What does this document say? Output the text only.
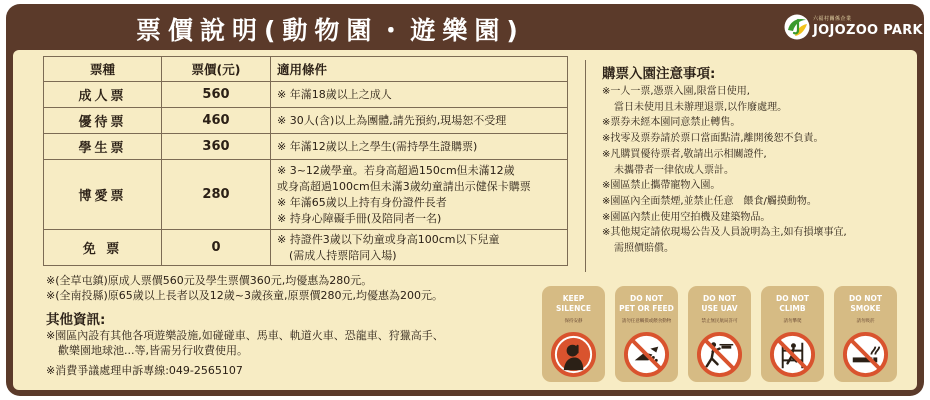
票價說明(動物園・遊樂園)	六福村關係企業
JOJOZOO PARK
票種	票價(元)	適用條件
成人票	560	※ 年滿18歲以上之成人

優待票	460	※ 30人(含)以上為團體,請先預約,現場恕不受理

學生票	360	※ 年滿12歲以上之學生(需持學生證購票)

博愛票	280	※ 3~12歲學童。若身高超過150cm但未滿12歲
或身高超過100cm但未滿3歲幼童請出示健保卡購票
※ 年滿65歲以上持有身份證件長者
※ 持身心障礙手冊(及陪同者一名)

免 票	0	※ 持證件3歲以下幼童或身高100cm以下兒童
(需成人持票陪同入場)
※(全草屯鎮)原成人票價560元及學生票價360元,均優惠為280元。
※(全南投縣)原65歲以上長者以及12歲~3歲孩童,原票價280元,均優惠為200元。
其他資訊:
※園區內設有其他各項遊樂設施,如碰碰車、馬車、軌道火車、恐龍車、狩獵高手、
歡樂園地球池...等,皆需另行收費使用。
※消費爭議處理申訴專線:049-2565107
購票入園注意事項:
※一人一票,憑票入園,限當日使用,
當日未使用且未辦理退票,以作廢處理。
※票券未經本園同意禁止轉售。
※找零及票券請於票口當面點清,離開後恕不負責。
※凡購買優待票者,敬請出示相關證件,
未攜帶者一律依成人票計。
※園區禁止攜帶寵物入園。
※園區內全面禁煙,並禁止任意　餵食/觸摸動物。
※園區內禁止使用空拍機及建築物品。
※其他規定請依現場公告及人員說明為主,如有損壞事宜,
需照價賠償。
KEEP
SILENCE
保持安靜
DO NOT
PET OR FEED
請勿任意觸摸或餵食動物
DO NOT
USE UAV
禁止無民航局許可
DO NOT
CLIMB
請勿攀爬
DO NOT
SMOKE
請勿吸菸
